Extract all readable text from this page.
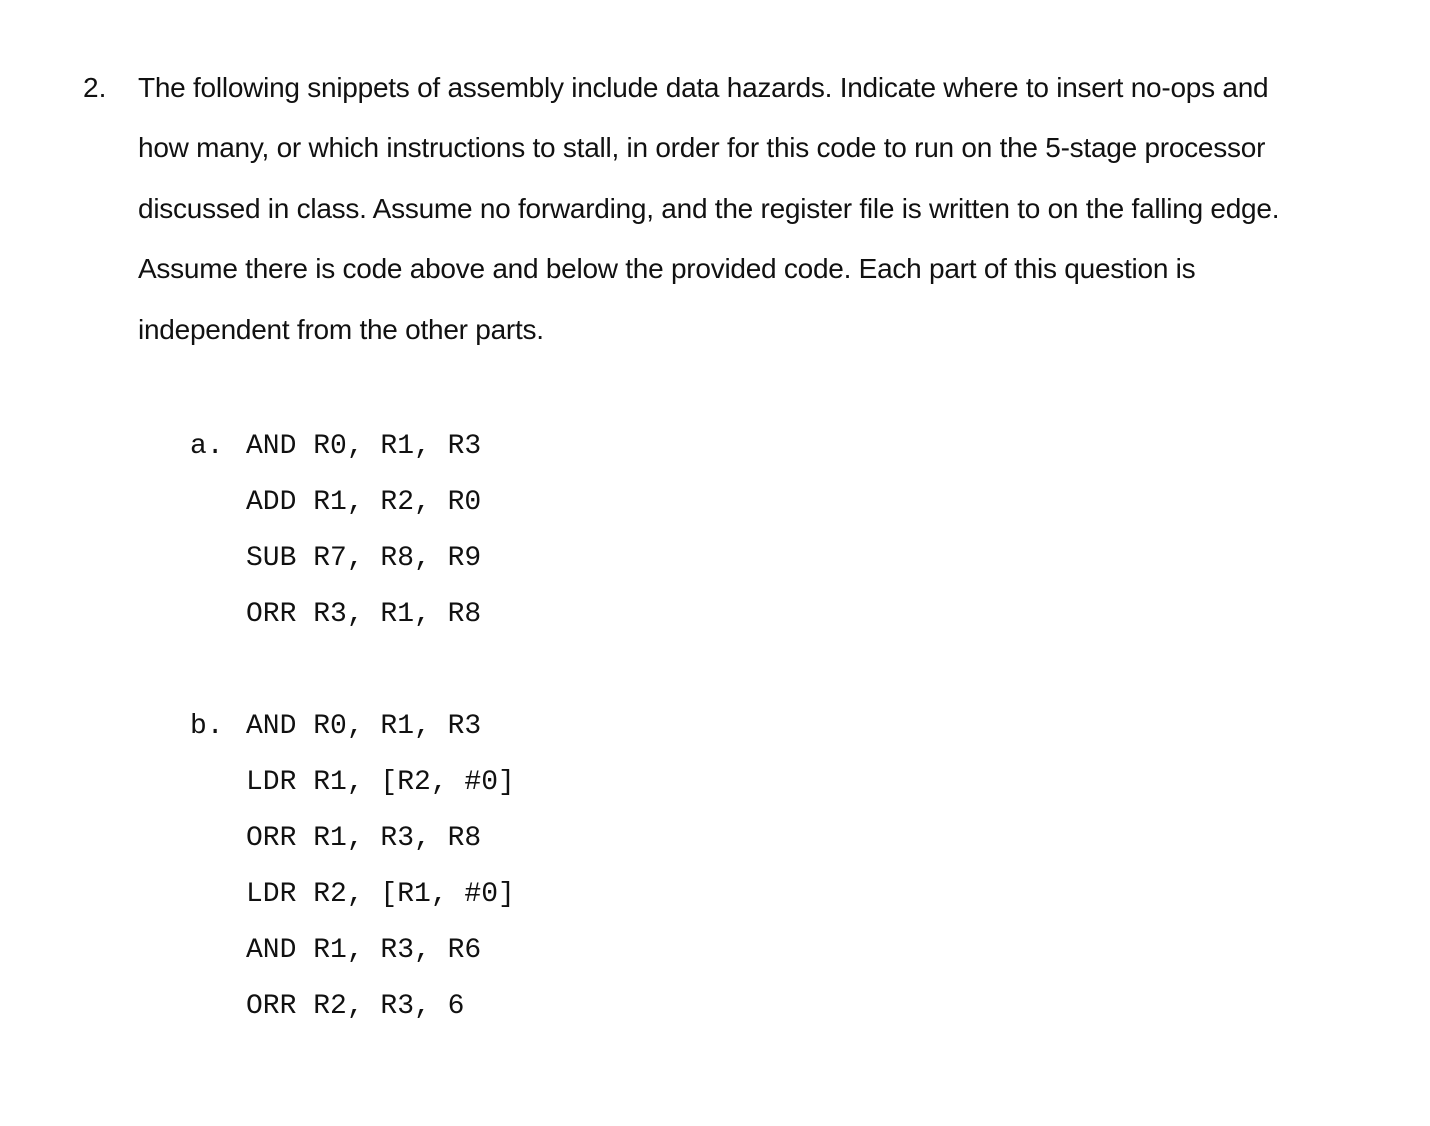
2. The following snippets of assembly include data hazards. Indicate where to insert no-ops and
how many, or which instructions to stall, in order for this code to run on the 5-stage processor
discussed in class. Assume no forwarding, and the register file is written to on the falling edge.
Assume there is code above and below the provided code. Each part of this question is
independent from the other parts.
a. AND R0, R1, R3
ADD R1, R2, R0
SUB R7, R8, R9
ORR R3, R1, R8
b. AND R0, R1, R3
LDR R1, [R2, #0]
ORR R1, R3, R8
LDR R2, [R1, #0]
AND R1, R3, R6
ORR R2, R3, 6
